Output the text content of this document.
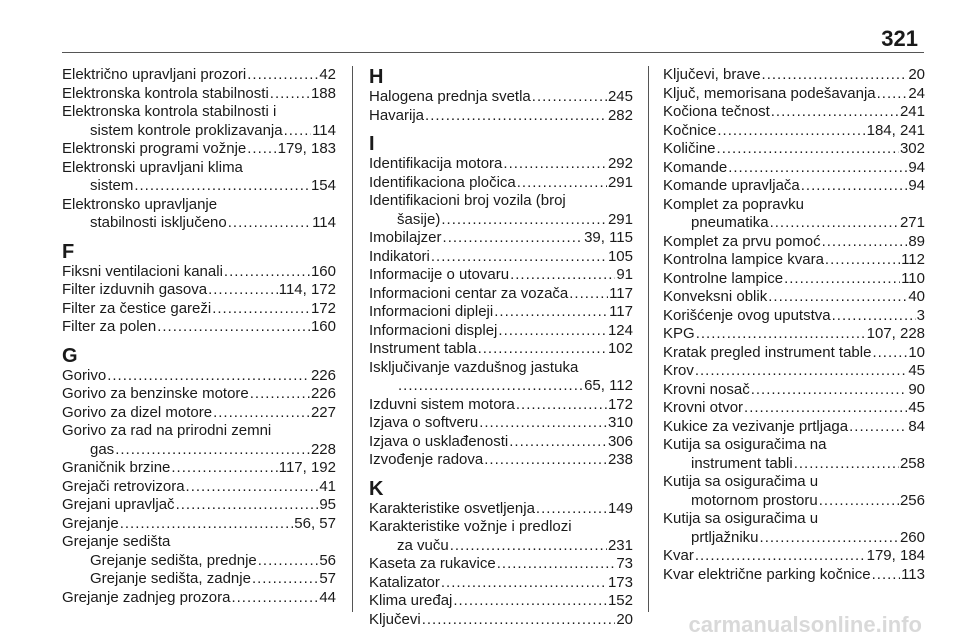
321
Električno upravljani prozori .....	42
Elektronska kontrola stabilnosti .....	188
Elektronska kontrola stabilnosti i
sistem kontrole proklizavanja ..... 114
Elektronski programi vožnje ..... 179, 183
Elektronski upravljani klima
sistem .....	154
Elektronsko upravljanje
stabilnosti isključeno .....	114
F
Fiksni ventilacioni kanali .....	160
Filter izduvnih gasova .....	114, 172
Filter za čestice gareži .....	172
Filter za polen .....	160
G
Gorivo .....	226
Gorivo za benzinske motore .....	226
Gorivo za dizel motore .....	227
Gorivo za rad na prirodni zemni
gas .....	228
Graničnik brzine .....	117, 192
Grejači retrovizora .....	41
Grejani upravljač .....	95
Grejanje .....	56, 57
Grejanje sedišta
Grejanje sedišta, prednje .....	56
Grejanje sedišta, zadnje .....	57
Grejanje zadnjeg prozora .....	44
H
Halogena prednja svetla .....	245
Havarija .....	282
I
Identifikacija motora .....	292
Identifikaciona pločica .....	291
Identifikacioni broj vozila (broj
šasije) .....	291
Imobilajzer .....	39, 115
Indikatori .....	105
Informacije o utovaru .....	91
Informacioni centar za vozača .....	117
Informacioni dipleji .....	117
Informacioni displej .....	124
Instrument tabla .....	102
Isključivanje vazdušnog jastuka
.....
65, 112
Izduvni sistem motora .....	172
Izjava o softveru .....	310
Izjava o usklađenosti .....	306
Izvođenje radova .....	238
K
Karakteristike osvetljenja .....	149
Karakteristike vožnje i predlozi
za vuču .....	231
Kaseta za rukavice .....	73
Katalizator .....	173
Klima uređaj .....	152
Ključevi .....	20
Ključevi, brave .....	20
Ključ, memorisana podešavanja ..... 24
Kočiona tečnost .....	241
Kočnice .....	184, 241
Količine .....	302
Komande .....	94
Komande upravljača .....	94
Komplet za popravku
pneumatika .....	271
Komplet za prvu pomoć .....	89
Kontrolna lampice kvara .....	112
Kontrolne lampice .....	110
Konveksni oblik .....	40
Korišćenje ovog uputstva .....	3
KPG .....	107, 228
Kratak pregled instrument table ..... 10
Krov .....	45
Krovni nosač .....	90
Krovni otvor .....	45
Kukice za vezivanje prtljaga .....	84
Kutija sa osiguračima na
instrument tabli .....	258
Kutija sa osiguračima u
motornom prostoru .....	256
Kutija sa osiguračima u
prtljažniku .....	260
Kvar .....	179, 184
Kvar električne parking kočnice ..... 113
carmanualsonline.info
